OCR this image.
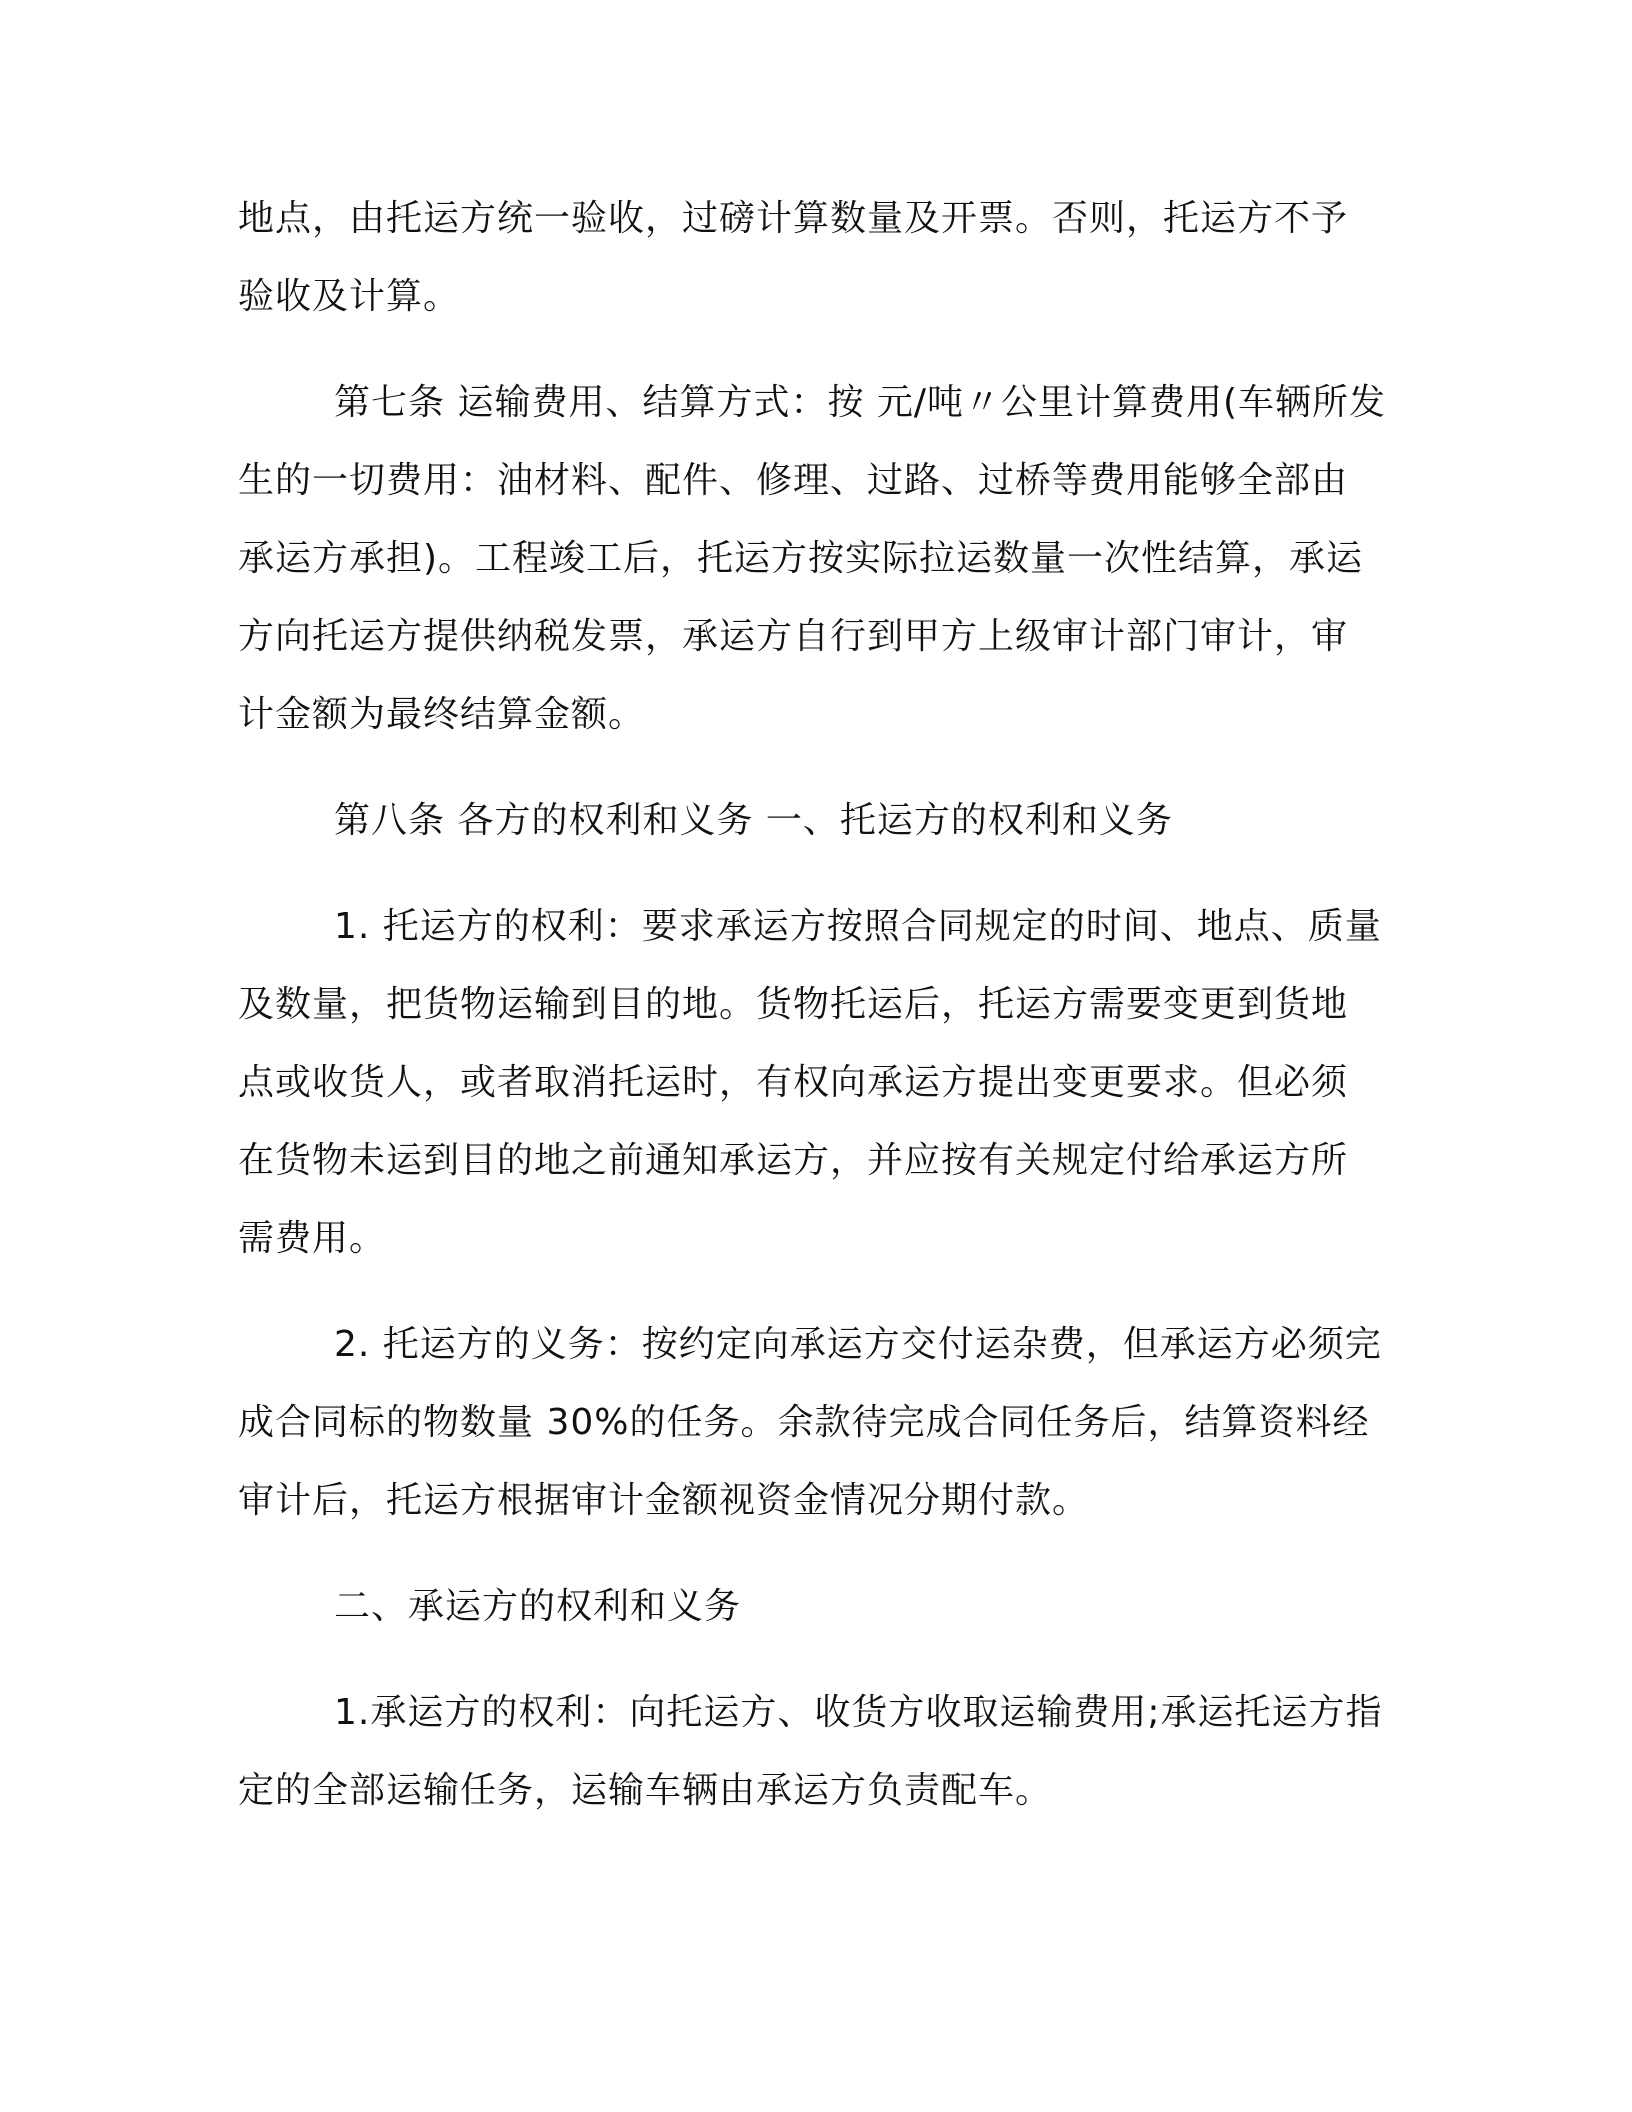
地点，由托运方统一验收，过磅计算数量及开票。否则，托运方不予
验收及计算。

第七条 运输费用、结算方式：按 元/吨〃公里计算费用(车辆所发
生的一切费用：油材料、配件、修理、过路、过桥等费用能够全部由
承运方承担)。工程竣工后，托运方按实际拉运数量一次性结算，承运
方向托运方提供纳税发票，承运方自行到甲方上级审计部门审计，审
计金额为最终结算金额。

第八条 各方的权利和义务 一、托运方的权利和义务

1. 托运方的权利：要求承运方按照合同规定的时间、地点、质量
及数量，把货物运输到目的地。货物托运后，托运方需要变更到货地
点或收货人，或者取消托运时，有权向承运方提出变更要求。但必须
在货物未运到目的地之前通知承运方，并应按有关规定付给承运方所
需费用。

2. 托运方的义务：按约定向承运方交付运杂费，但承运方必须完
成合同标的物数量 30%的任务。余款待完成合同任务后，结算资料经
审计后，托运方根据审计金额视资金情况分期付款。

二、承运方的权利和义务

1.承运方的权利：向托运方、收货方收取运输费用;承运托运方指
定的全部运输任务，运输车辆由承运方负责配车。
